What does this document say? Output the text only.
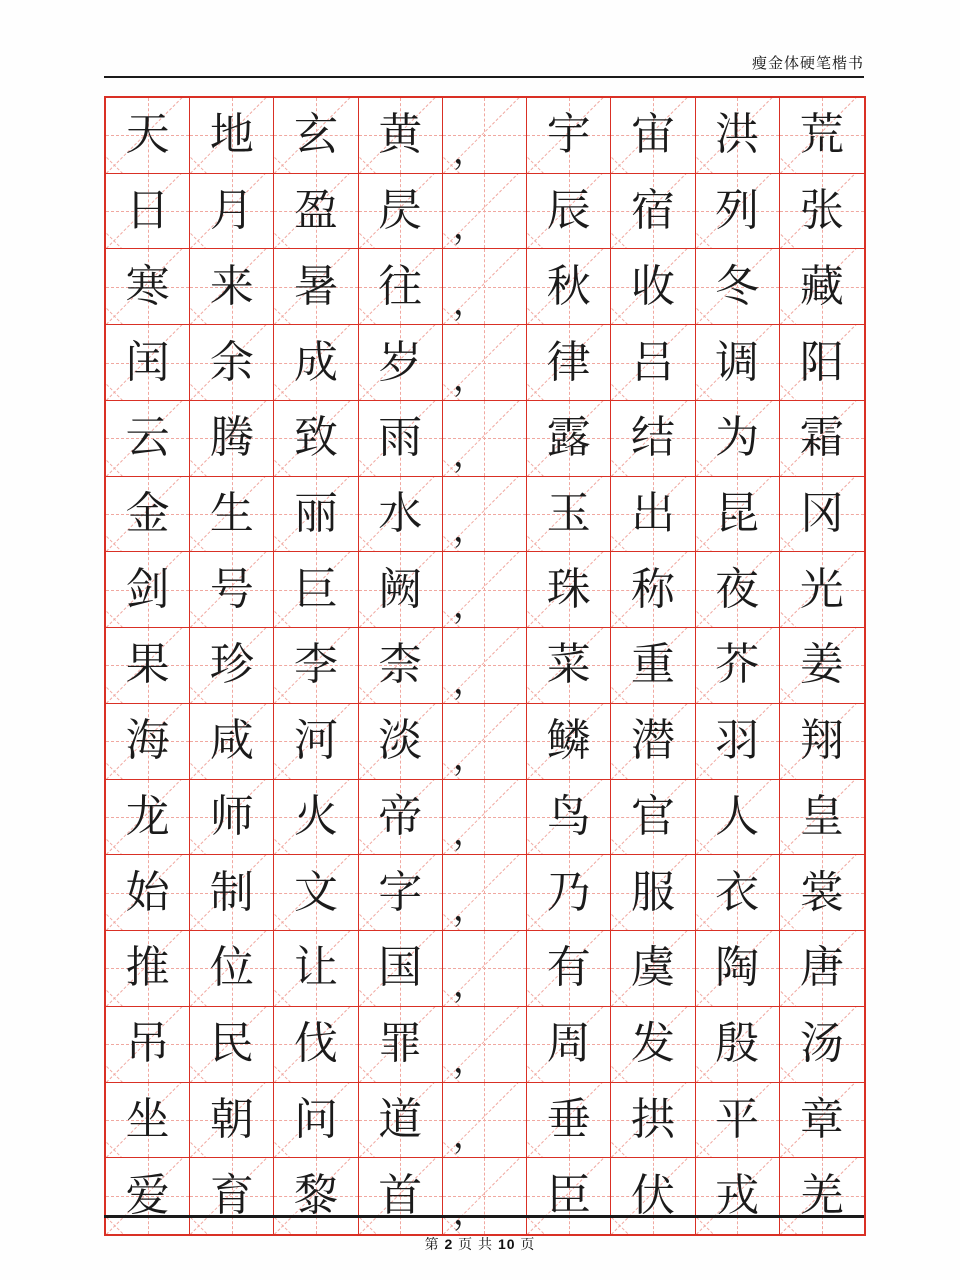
瘦金体硬笔楷书
天 地 玄 黄 ，	宇 宙 洪 荒
日 月 盈 昃 ，	辰 宿 列 张
寒 来 暑 往 ，	秋 收 冬 藏
闰 余 成 岁 ，	律 吕 调 阳
云 腾 致 雨 ，	露 结 为 霜
金 生 丽 水 ，	玉 出 昆 冈
剑 号 巨 阙 ，	珠 称 夜 光
果 珍 李 柰 ，	菜 重 芥 姜
海 咸 河 淡 ，	鳞 潜 羽 翔
龙 师 火 帝 ，	鸟 官 人 皇
始 制 文 字 ，	乃 服 衣 裳
推 位 让 国 ，	有 虞 陶 唐
吊 民 伐 罪 ，	周 发 殷 汤
坐 朝 问 道 ，	垂 拱 平 章
爱 育 黎 首 ，	臣 伏 戎 羌
第 2 页 共 10 页
